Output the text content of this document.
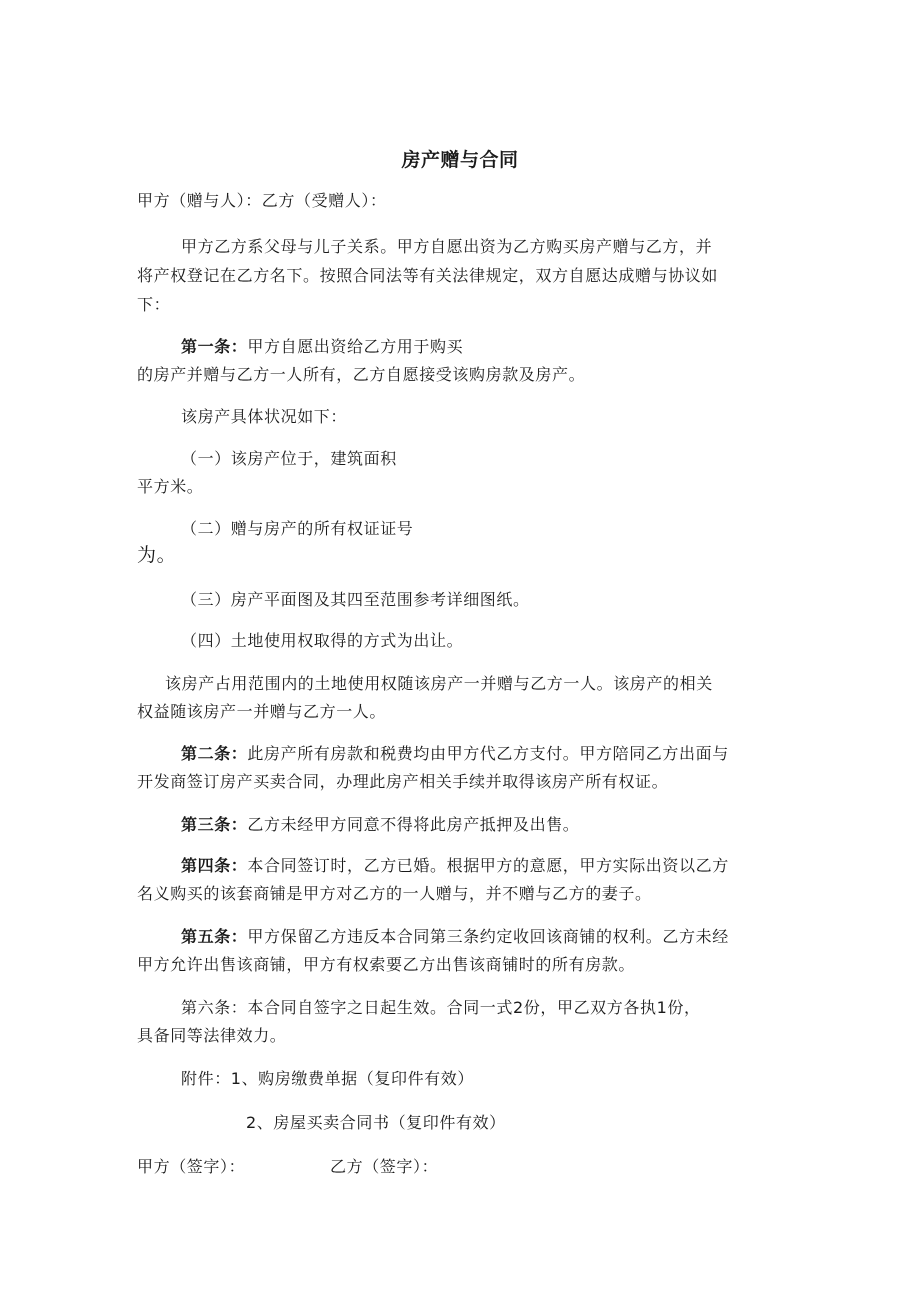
房产赠与合同
甲方（赠与人）：乙方（受赠人）：
甲方乙方系父母与儿子关系。甲方自愿出资为乙方购买房产赠与乙方，并
将产权登记在乙方名下。按照合同法等有关法律规定，双方自愿达成赠与协议如
下：
第一条：甲方自愿出资给乙方用于购买
的房产并赠与乙方一人所有，乙方自愿接受该购房款及房产。
该房产具体状况如下：
（一）该房产位于，建筑面积
平方米。
（二）赠与房产的所有权证证号
为。
（三）房产平面图及其四至范围参考详细图纸。
（四）土地使用权取得的方式为出让。
该房产占用范围内的土地使用权随该房产一并赠与乙方一人。该房产的相关
权益随该房产一并赠与乙方一人。
第二条：此房产所有房款和税费均由甲方代乙方支付。甲方陪同乙方出面与
开发商签订房产买卖合同，办理此房产相关手续并取得该房产所有权证。
第三条：乙方未经甲方同意不得将此房产抵押及出售。
第四条：本合同签订时，乙方已婚。根据甲方的意愿，甲方实际出资以乙方
名义购买的该套商铺是甲方对乙方的一人赠与，并不赠与乙方的妻子。
第五条：甲方保留乙方违反本合同第三条约定收回该商铺的权利。乙方未经
甲方允许出售该商铺，甲方有权索要乙方出售该商铺时的所有房款。
第六条：本合同自签字之日起生效。合同一式2份，甲乙双方各执1份，
具备同等法律效力。
附件：1、购房缴费单据（复印件有效）
2、房屋买卖合同书（复印件有效）
甲方（签字）：	乙方（签字）：
